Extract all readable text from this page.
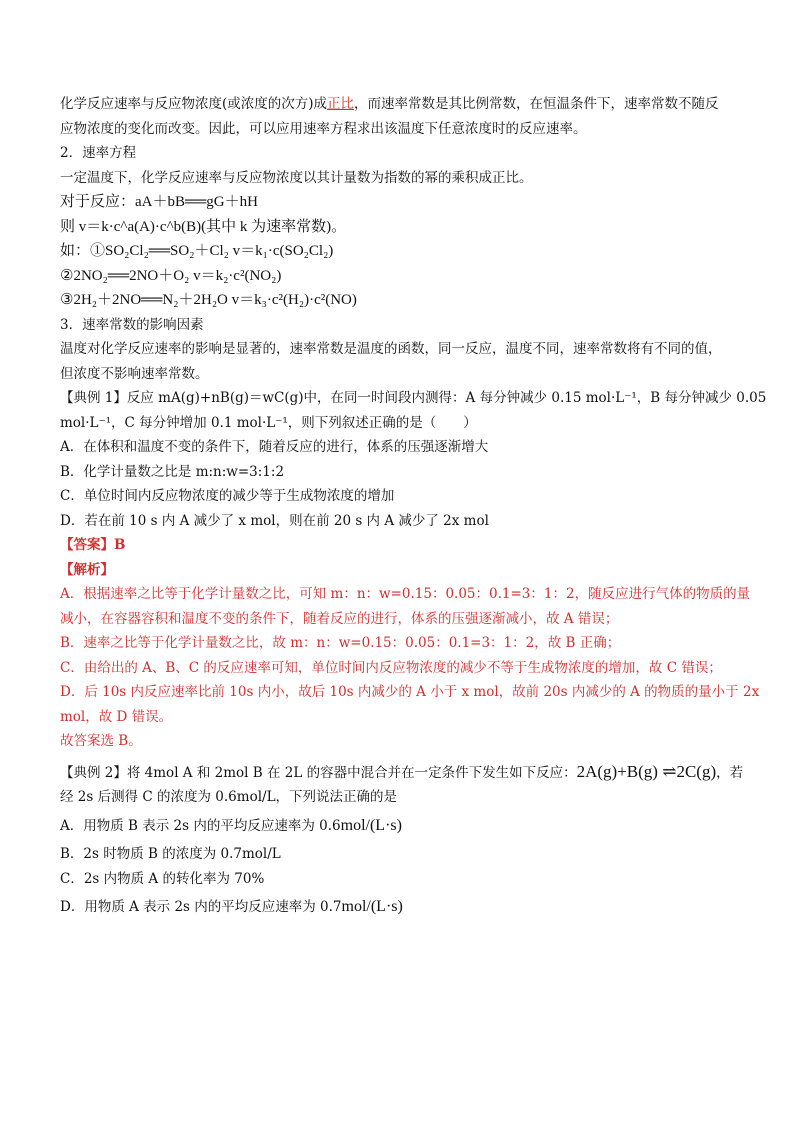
化学反应速率与反应物浓度(或浓度的次方)成正比，而速率常数是其比例常数，在恒温条件下，速率常数不随反
应物浓度的变化而改变。因此，可以应用速率方程求出该温度下任意浓度时的反应速率。
2．速率方程
一定温度下，化学反应速率与反应物浓度以其计量数为指数的幂的乘积成正比。
对于反应：aA＋bB══gG＋hH
则 v＝k·c^a(A)·c^b(B)(其中 k 为速率常数)。
如：①SO₂Cl₂══SO₂＋Cl₂ v＝k₁·c(SO₂Cl₂)
②2NO₂══2NO＋O₂ v＝k₂·c²(NO₂)
③2H₂＋2NO══N₂＋2H₂O v＝k₃·c²(H₂)·c²(NO)
3．速率常数的影响因素
温度对化学反应速率的影响是显著的，速率常数是温度的函数，同一反应，温度不同，速率常数将有不同的值，
但浓度不影响速率常数。
【典例 1】反应 mA(g)+nB(g)＝wC(g)中，在同一时间段内测得：A 每分钟减少 0.15 mol·L⁻¹，B 每分钟减少 0.05
mol·L⁻¹，C 每分钟增加 0.1 mol·L⁻¹，则下列叙述正确的是（　　）
A．在体积和温度不变的条件下，随着反应的进行，体系的压强逐渐增大
B．化学计量数之比是 m:n:w=3:1:2
C．单位时间内反应物浓度的减少等于生成物浓度的增加
D．若在前 10 s 内 A 减少了 x mol，则在前 20 s 内 A 减少了 2x mol
【答案】B
【解析】
A．根据速率之比等于化学计量数之比，可知 m：n：w=0.15：0.05：0.1=3：1：2，随反应进行气体的物质的量
减小，在容器容积和温度不变的条件下，随着反应的进行，体系的压强逐渐减小，故 A 错误；
B．速率之比等于化学计量数之比，故 m：n：w=0.15：0.05：0.1=3：1：2，故 B 正确；
C．由给出的 A、B、C 的反应速率可知，单位时间内反应物浓度的减少不等于生成物浓度的增加，故 C 错误；
D．后 10s 内反应速率比前 10s 内小，故后 10s 内减少的 A 小于 x mol，故前 20s 内减少的 A 的物质的量小于 2x
mol，故 D 错误。
故答案选 B。
【典例 2】将 4mol A 和 2mol B 在 2L 的容器中混合并在一定条件下发生如下反应：2A(g)+B(g) ⇌2C(g)，若
经 2s 后测得 C 的浓度为 0.6mol/L，下列说法正确的是
A．用物质 B 表示 2s 内的平均反应速率为 0.6mol/(L·s)
B．2s 时物质 B 的浓度为 0.7mol/L
C．2s 内物质 A 的转化率为 70%
D．用物质 A 表示 2s 内的平均反应速率为 0.7mol/(L·s)
